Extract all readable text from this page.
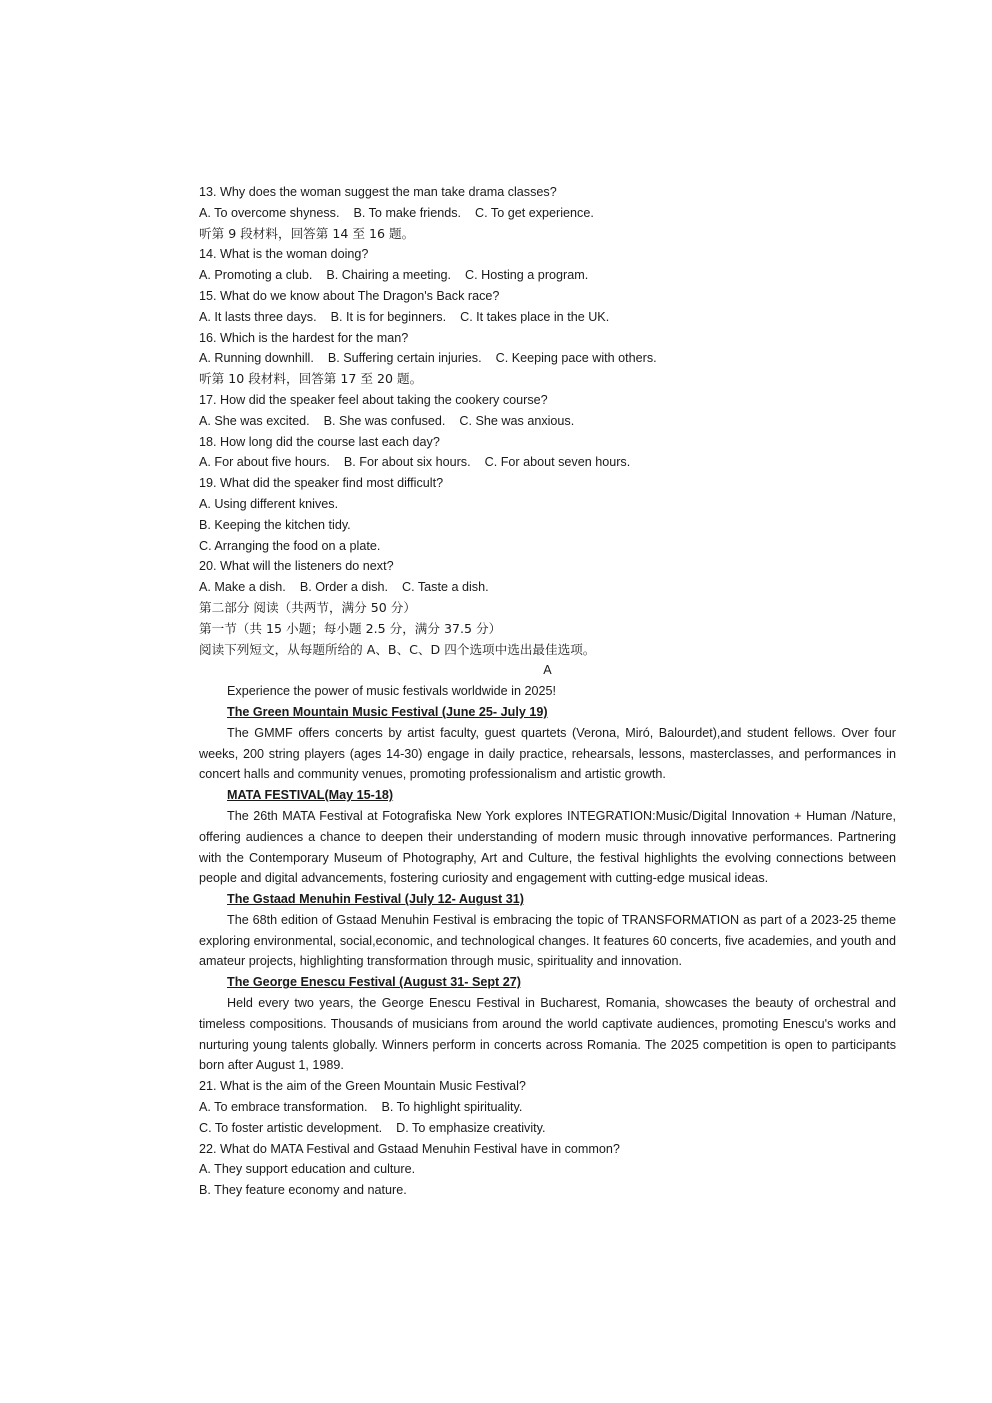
13. Why does the woman suggest the man take drama classes?
A. To overcome shyness. B. To make friends. C. To get experience.
听第 9 段材料，回答第 14 至 16 题。
14. What is the woman doing?
A. Promoting a club. B. Chairing a meeting. C. Hosting a program.
15. What do we know about The Dragon's Back race?
A. It lasts three days. B. It is for beginners. C. It takes place in the UK.
16. Which is the hardest for the man?
A. Running downhill. B. Suffering certain injuries. C. Keeping pace with others.
听第 10 段材料，回答第 17 至 20 题。
17. How did the speaker feel about taking the cookery course?
A. She was excited. B. She was confused. C. She was anxious.
18. How long did the course last each day?
A. For about five hours. B. For about six hours. C. For about seven hours.
19. What did the speaker find most difficult?
A. Using different knives.
B. Keeping the kitchen tidy.
C. Arranging the food on a plate.
20. What will the listeners do next?
A. Make a dish. B. Order a dish. C. Taste a dish.
第二部分 阅读（共两节，满分 50 分）
第一节（共 15 小题；每小题 2.5 分，满分 37.5 分）
阅读下列短文，从每题所给的 A、B、C、D 四个选项中选出最佳选项。
A
Experience the power of music festivals worldwide in 2025!
The Green Mountain Music Festival (June 25- July 19)

The GMMF offers concerts by artist faculty, guest quartets (Verona, Miró, Balourdet),and student fellows. Over four weeks, 200 string players (ages 14-30) engage in daily practice, rehearsals, lessons, masterclasses, and performances in concert halls and community venues, promoting professionalism and artistic growth.

MATA FESTIVAL(May 15-18)

The 26th MATA Festival at Fotografiska New York explores INTEGRATION:Music/Digital Innovation + Human /Nature, offering audiences a chance to deepen their understanding of modern music through innovative performances. Partnering with the Contemporary Museum of Photography, Art and Culture, the festival highlights the evolving connections between people and digital advancements, fostering curiosity and engagement with cutting-edge musical ideas.

The Gstaad Menuhin Festival (July 12- August 31)

The 68th edition of Gstaad Menuhin Festival is embracing the topic of TRANSFORMATION as part of a 2023-25 theme exploring environmental, social,economic, and technological changes. It features 60 concerts, five academies, and youth and amateur projects, highlighting transformation through music, spirituality and innovation.

The George Enescu Festival (August 31- Sept 27)

Held every two years, the George Enescu Festival in Bucharest, Romania, showcases the beauty of orchestral and timeless compositions. Thousands of musicians from around the world captivate audiences, promoting Enescu's works and nurturing young talents globally. Winners perform in concerts across Romania. The 2025 competition is open to participants born after August 1, 1989.

21. What is the aim of the Green Mountain Music Festival?
A. To embrace transformation. B. To highlight spirituality.
C. To foster artistic development. D. To emphasize creativity.
22. What do MATA Festival and Gstaad Menuhin Festival have in common?
A. They support education and culture.
B. They feature economy and nature.
